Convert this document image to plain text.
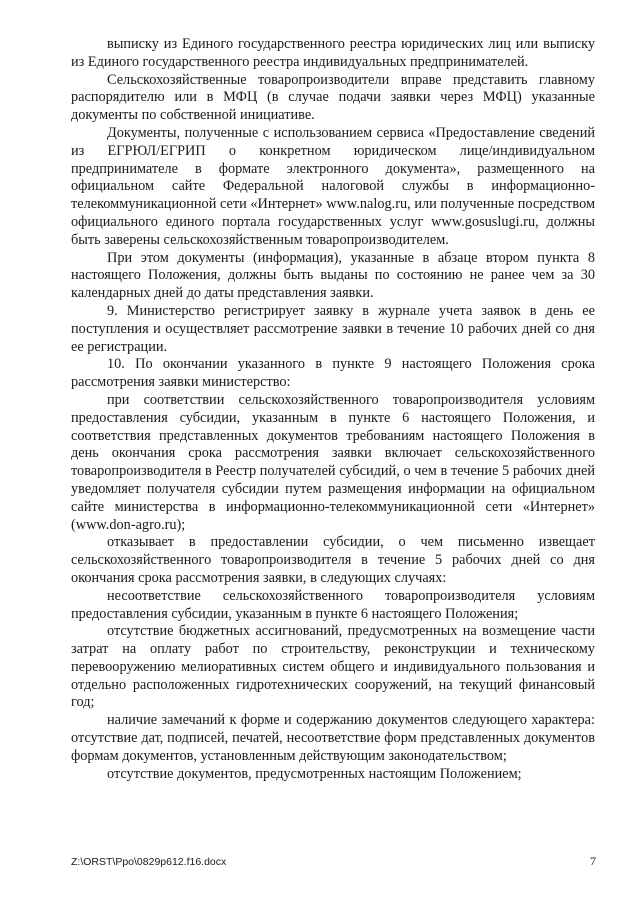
выписку из Единого государственного реестра юридических лиц или выписку из Единого государственного реестра индивидуальных предпринимателей.

Сельскохозяйственные товаропроизводители вправе представить главному распорядителю или в МФЦ (в случае подачи заявки через МФЦ) указанные документы по собственной инициативе.

Документы, полученные с использованием сервиса «Предоставление сведений из ЕГРЮЛ/ЕГРИП о конкретном юридическом лице/индивидуальном предпринимателе в формате электронного документа», размещенного на официальном сайте Федеральной налоговой службы в информационно-телекоммуникационной сети «Интернет» www.nalog.ru, или полученные посредством официального единого портала государственных услуг www.gosuslugi.ru, должны быть заверены сельскохозяйственным товаропроизводителем.

При этом документы (информация), указанные в абзаце втором пункта 8 настоящего Положения, должны быть выданы по состоянию не ранее чем за 30 календарных дней до даты представления заявки.

9. Министерство регистрирует заявку в журнале учета заявок в день ее поступления и осуществляет рассмотрение заявки в течение 10 рабочих дней со дня ее регистрации.

10. По окончании указанного в пункте 9 настоящего Положения срока рассмотрения заявки министерство:

при соответствии сельскохозяйственного товаропроизводителя условиям предоставления субсидии, указанным в пункте 6 настоящего Положения, и соответствия представленных документов требованиям настоящего Положения в день окончания срока рассмотрения заявки включает сельскохозяйственного товаропроизводителя в Реестр получателей субсидий, о чем в течение 5 рабочих дней уведомляет получателя субсидии путем размещения информации на официальном сайте министерства в информационно-телекоммуникационной сети «Интернет» (www.don-agro.ru);

отказывает в предоставлении субсидии, о чем письменно извещает сельскохозяйственного товаропроизводителя в течение 5 рабочих дней со дня окончания срока рассмотрения заявки, в следующих случаях:

несоответствие сельскохозяйственного товаропроизводителя условиям предоставления субсидии, указанным в пункте 6 настоящего Положения;

отсутствие бюджетных ассигнований, предусмотренных на возмещение части затрат на оплату работ по строительству, реконструкции и техническому перевооружению мелиоративных систем общего и индивидуального пользования и отдельно расположенных гидротехнических сооружений, на текущий финансовый год;

наличие замечаний к форме и содержанию документов следующего характера: отсутствие дат, подписей, печатей, несоответствие форм представленных документов формам документов, установленным действующим законодательством;

отсутствие документов, предусмотренных настоящим Положением;

Z:\ORST\Ppo\0829p612.f16.docx	7
